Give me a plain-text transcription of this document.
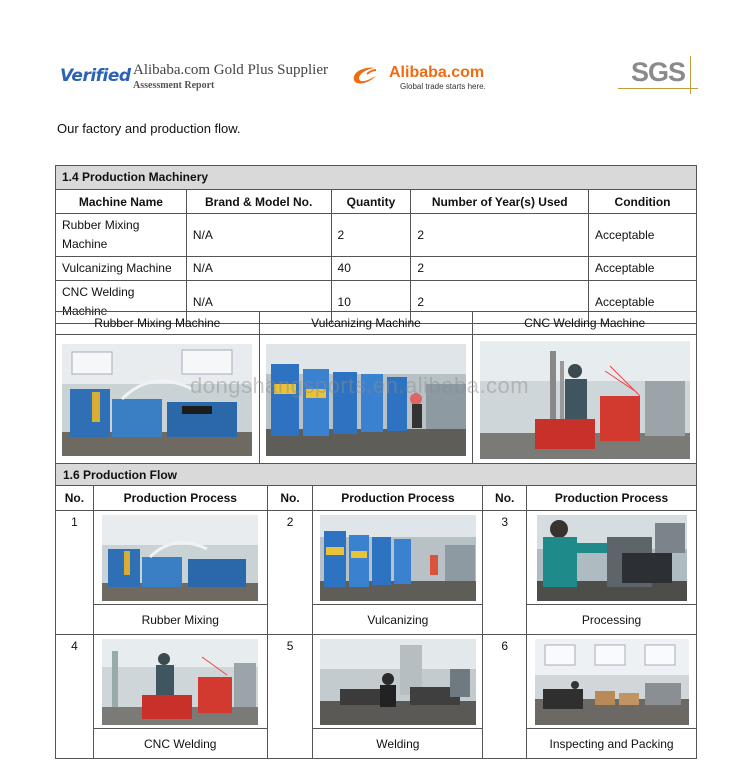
Verified Alibaba.com Gold Plus Supplier
Assessment Report
Alibaba.com
Global trade starts here.	SGS
Our factory and production flow.
1.4 Production Machinery				
Machine Name	Brand & Model No.	Quantity	Number of Year(s) Used	Condition
Rubber Mixing Machine	N/A	2	2	Acceptable
Vulcanizing Machine	N/A	40	2	Acceptable
CNC Welding Machine	N/A	10	2	Acceptable
Rubber Mixing Machine	Vulcanizing Machine	CNC Welding Machine

dongshangsports.en.alibaba.com
1.6 Production Flow					
No.	Production Process	No.	Production Process	No.	Production Process
1	Rubber Mixing	2	Vulcanizing	3	Processing

4	CNC Welding	5	Welding	6	Inspecting and Packing
